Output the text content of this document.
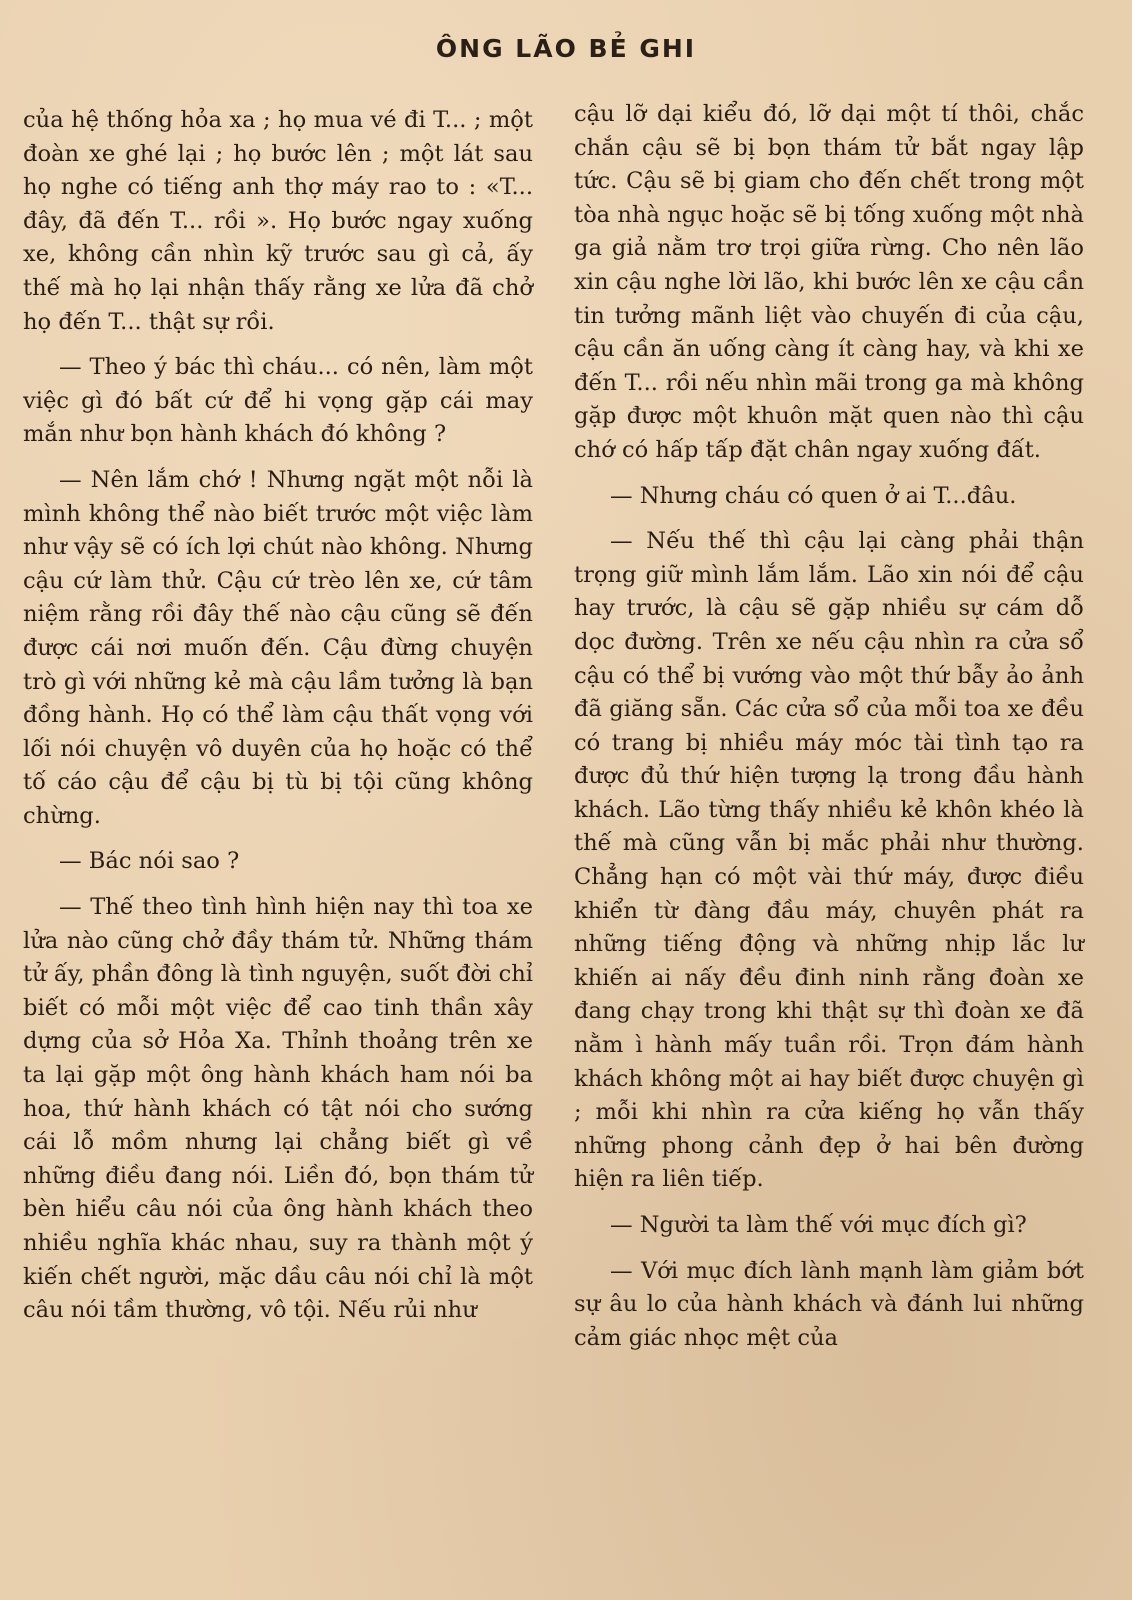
ÔNG LÃO BẺ GHI

của hệ thống hỏa xa ; họ mua vé đi T... ; một đoàn xe ghé lại ; họ bước lên ; một lát sau họ nghe có tiếng anh thợ máy rao to : «T... đây, đã đến T... rồi ». Họ bước ngay xuống xe, không cần nhìn kỹ trước sau gì cả, ấy thế mà họ lại nhận thấy rằng xe lửa đã chở họ đến T... thật sự rồi.

— Theo ý bác thì cháu... có nên, làm một việc gì đó bất cứ để hi vọng gặp cái may mắn như bọn hành khách đó không ?

— Nên lắm chớ ! Nhưng ngặt một nỗi là mình không thể nào biết trước một việc làm như vậy sẽ có ích lợi chút nào không. Nhưng cậu cứ làm thử. Cậu cứ trèo lên xe, cứ tâm niệm rằng rồi đây thế nào cậu cũng sẽ đến được cái nơi muốn đến. Cậu đừng chuyện trò gì với những kẻ mà cậu lầm tưởng là bạn đồng hành. Họ có thể làm cậu thất vọng với lối nói chuyện vô duyên của họ hoặc có thể tố cáo cậu để cậu bị tù bị tội cũng không chừng.

— Bác nói sao ?

— Thế theo tình hình hiện nay thì toa xe lửa nào cũng chở đầy thám tử. Những thám tử ấy, phần đông là tình nguyện, suốt đời chỉ biết có mỗi một việc để cao tinh thần xây dựng của sở Hỏa Xa. Thỉnh thoảng trên xe ta lại gặp một ông hành khách ham nói ba hoa, thứ hành khách có tật nói cho sướng cái lỗ mồm nhưng lại chẳng biết gì về những điều đang nói. Liền đó, bọn thám tử bèn hiểu câu nói của ông hành khách theo nhiều nghĩa khác nhau, suy ra thành một ý kiến chết người, mặc dầu câu nói chỉ là một câu nói tầm thường, vô tội. Nếu rủi như

cậu lỡ dại kiểu đó, lỡ dại một tí thôi, chắc chắn cậu sẽ bị bọn thám tử bắt ngay lập tức. Cậu sẽ bị giam cho đến chết trong một tòa nhà ngục hoặc sẽ bị tống xuống một nhà ga giả nằm trơ trọi giữa rừng. Cho nên lão xin cậu nghe lời lão, khi bước lên xe cậu cần tin tưởng mãnh liệt vào chuyến đi của cậu, cậu cần ăn uống càng ít càng hay, và khi xe đến T... rồi nếu nhìn mãi trong ga mà không gặp được một khuôn mặt quen nào thì cậu chớ có hấp tấp đặt chân ngay xuống đất.

— Nhưng cháu có quen ở ai T...đâu.

— Nếu thế thì cậu lại càng phải thận trọng giữ mình lắm lắm. Lão xin nói để cậu hay trước, là cậu sẽ gặp nhiều sự cám dỗ dọc đường. Trên xe nếu cậu nhìn ra cửa sổ cậu có thể bị vướng vào một thứ bẫy ảo ảnh đã giăng sẵn. Các cửa sổ của mỗi toa xe đều có trang bị nhiều máy móc tài tình tạo ra được đủ thứ hiện tượng lạ trong đầu hành khách. Lão từng thấy nhiều kẻ khôn khéo là thế mà cũng vẫn bị mắc phải như thường. Chẳng hạn có một vài thứ máy, được điều khiển từ đàng đầu máy, chuyên phát ra những tiếng động và những nhịp lắc lư khiến ai nấy đều đinh ninh rằng đoàn xe đang chạy trong khi thật sự thì đoàn xe đã nằm ì hành mấy tuần rồi. Trọn đám hành khách không một ai hay biết được chuyện gì ; mỗi khi nhìn ra cửa kiếng họ vẫn thấy những phong cảnh đẹp ở hai bên đường hiện ra liên tiếp.

— Người ta làm thế với mục đích gì?

— Với mục đích lành mạnh làm giảm bớt sự âu lo của hành khách và đánh lui những cảm giác nhọc mệt của
